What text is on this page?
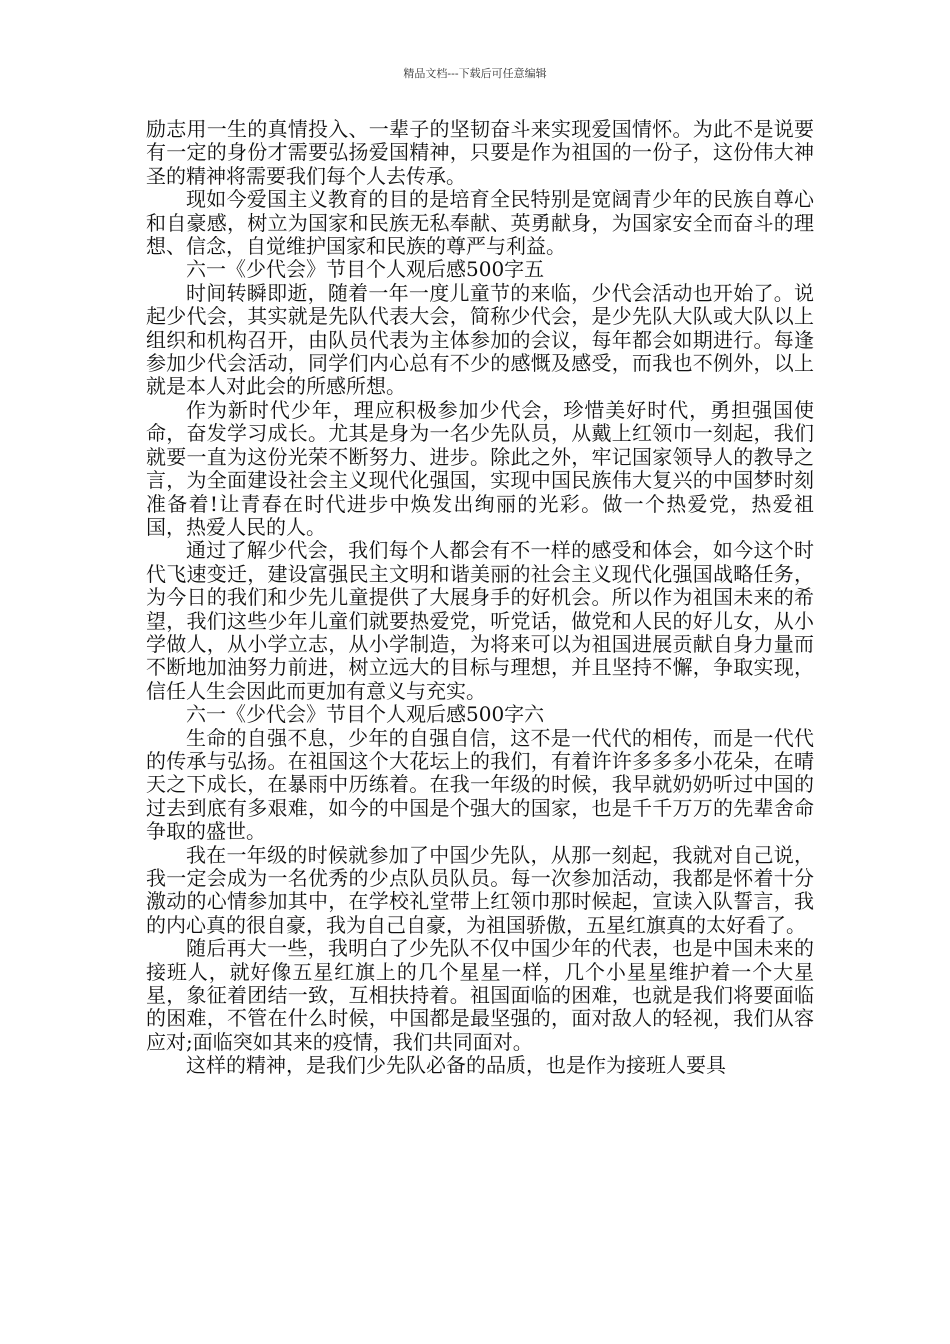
精品文档---下载后可任意编辑

励志用一生的真情投入、一辈子的坚韧奋斗来实现爱国情怀。为此不是说要有一定的身份才需要弘扬爱国精神，只要是作为祖国的一份子，这份伟大神圣的精神将需要我们每个人去传承。

现如今爱国主义教育的目的是培育全民特别是宽阔青少年的民族自尊心和自豪感，树立为国家和民族无私奉献、英勇献身，为国家安全而奋斗的理想、信念，自觉维护国家和民族的尊严与利益。

六一《少代会》节目个人观后感500字五

时间转瞬即逝，随着一年一度儿童节的来临，少代会活动也开始了。说起少代会，其实就是先队代表大会，简称少代会，是少先队大队或大队以上组织和机构召开，由队员代表为主体参加的会议，每年都会如期进行。每逢参加少代会活动，同学们内心总有不少的感慨及感受，而我也不例外，以上就是本人对此会的所感所想。

作为新时代少年，理应积极参加少代会，珍惜美好时代，勇担强国使命，奋发学习成长。尤其是身为一名少先队员，从戴上红领巾一刻起，我们就要一直为这份光荣不断努力、进步。除此之外，牢记国家领导人的教导之言，为全面建设社会主义现代化强国，实现中国民族伟大复兴的中国梦时刻准备着!让青春在时代进步中焕发出绚丽的光彩。做一个热爱党，热爱祖国，热爱人民的人。

通过了解少代会，我们每个人都会有不一样的感受和体会，如今这个时代飞速变迁，建设富强民主文明和谐美丽的社会主义现代化强国战略任务，为今日的我们和少先儿童提供了大展身手的好机会。所以作为祖国未来的希望，我们这些少年儿童们就要热爱党，听党话，做党和人民的好儿女，从小学做人，从小学立志，从小学制造，为将来可以为祖国进展贡献自身力量而不断地加油努力前进，树立远大的目标与理想，并且坚持不懈，争取实现，信任人生会因此而更加有意义与充实。

六一《少代会》节目个人观后感500字六

生命的自强不息，少年的自强自信，这不是一代代的相传，而是一代代的传承与弘扬。在祖国这个大花坛上的我们，有着许许多多多小花朵，在晴天之下成长，在暴雨中历练着。在我一年级的时候，我早就奶奶听过中国的过去到底有多艰难，如今的中国是个强大的国家，也是千千万万的先辈舍命争取的盛世。

我在一年级的时候就参加了中国少先队，从那一刻起，我就对自己说，我一定会成为一名优秀的少点队员队员。每一次参加活动，我都是怀着十分激动的心情参加其中，在学校礼堂带上红领巾那时候起，宣读入队誓言，我的内心真的很自豪，我为自己自豪，为祖国骄傲，五星红旗真的太好看了。

随后再大一些，我明白了少先队不仅中国少年的代表，也是中国未来的接班人，就好像五星红旗上的几个星星一样，几个小星星维护着一个大星星，象征着团结一致，互相扶持着。祖国面临的困难，也就是我们将要面临的困难，不管在什么时候，中国都是最坚强的，面对敌人的轻视，我们从容应对;面临突如其来的疫情，我们共同面对。

这样的精神，是我们少先队必备的品质，也是作为接班人要具
